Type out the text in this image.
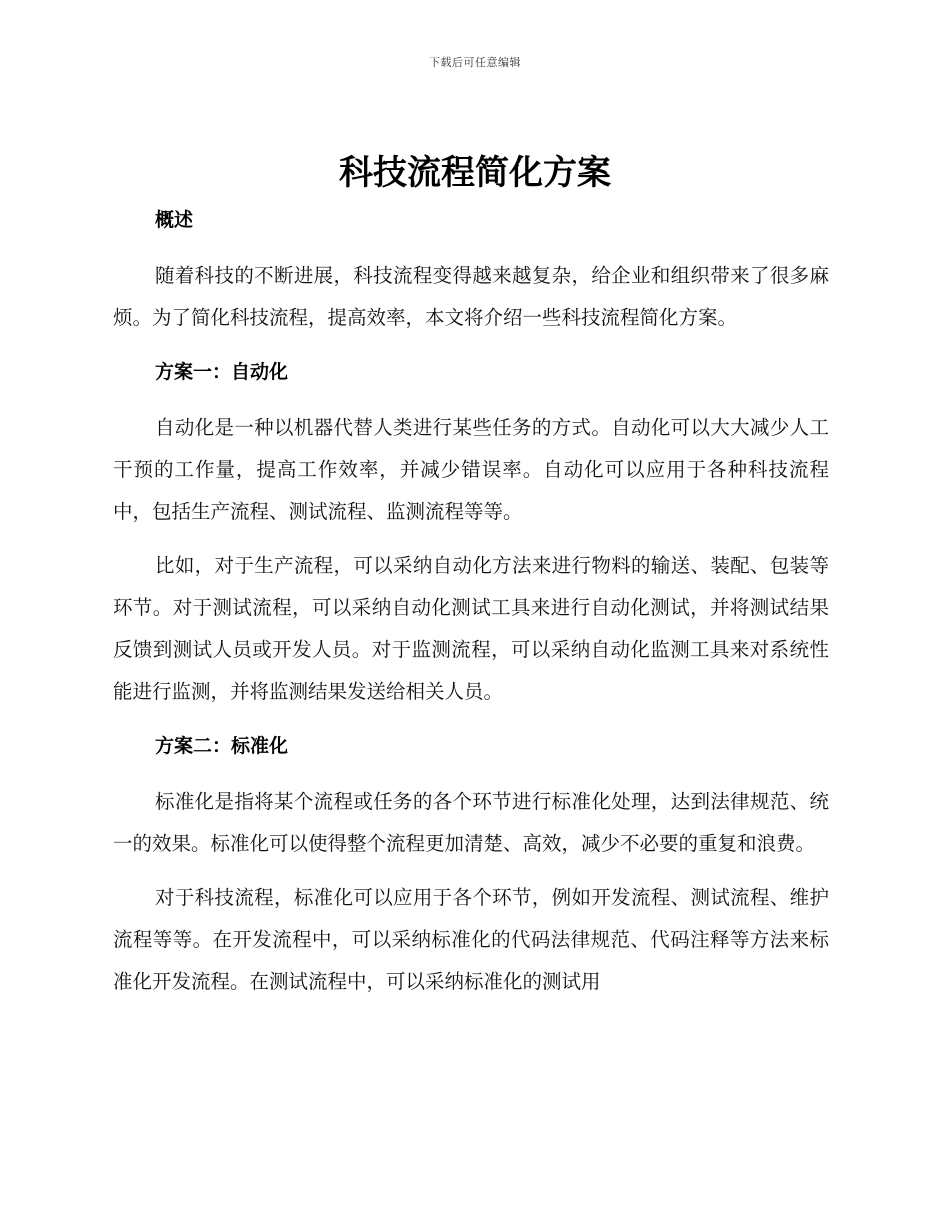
下载后可任意编辑
科技流程简化方案
概述

随着科技的不断进展，科技流程变得越来越复杂，给企业和组织带来了很多麻烦。为了简化科技流程，提高效率，本文将介绍一些科技流程简化方案。

方案一：自动化

自动化是一种以机器代替人类进行某些任务的方式。自动化可以大大减少人工干预的工作量，提高工作效率，并减少错误率。自动化可以应用于各种科技流程中，包括生产流程、测试流程、监测流程等等。

比如，对于生产流程，可以采纳自动化方法来进行物料的输送、装配、包装等环节。对于测试流程，可以采纳自动化测试工具来进行自动化测试，并将测试结果反馈到测试人员或开发人员。对于监测流程，可以采纳自动化监测工具来对系统性能进行监测，并将监测结果发送给相关人员。

方案二：标准化

标准化是指将某个流程或任务的各个环节进行标准化处理，达到法律规范、统一的效果。标准化可以使得整个流程更加清楚、高效，减少不必要的重复和浪费。

对于科技流程，标准化可以应用于各个环节，例如开发流程、测试流程、维护流程等等。在开发流程中，可以采纳标准化的代码法律规范、代码注释等方法来标准化开发流程。在测试流程中，可以采纳标准化的测试用
